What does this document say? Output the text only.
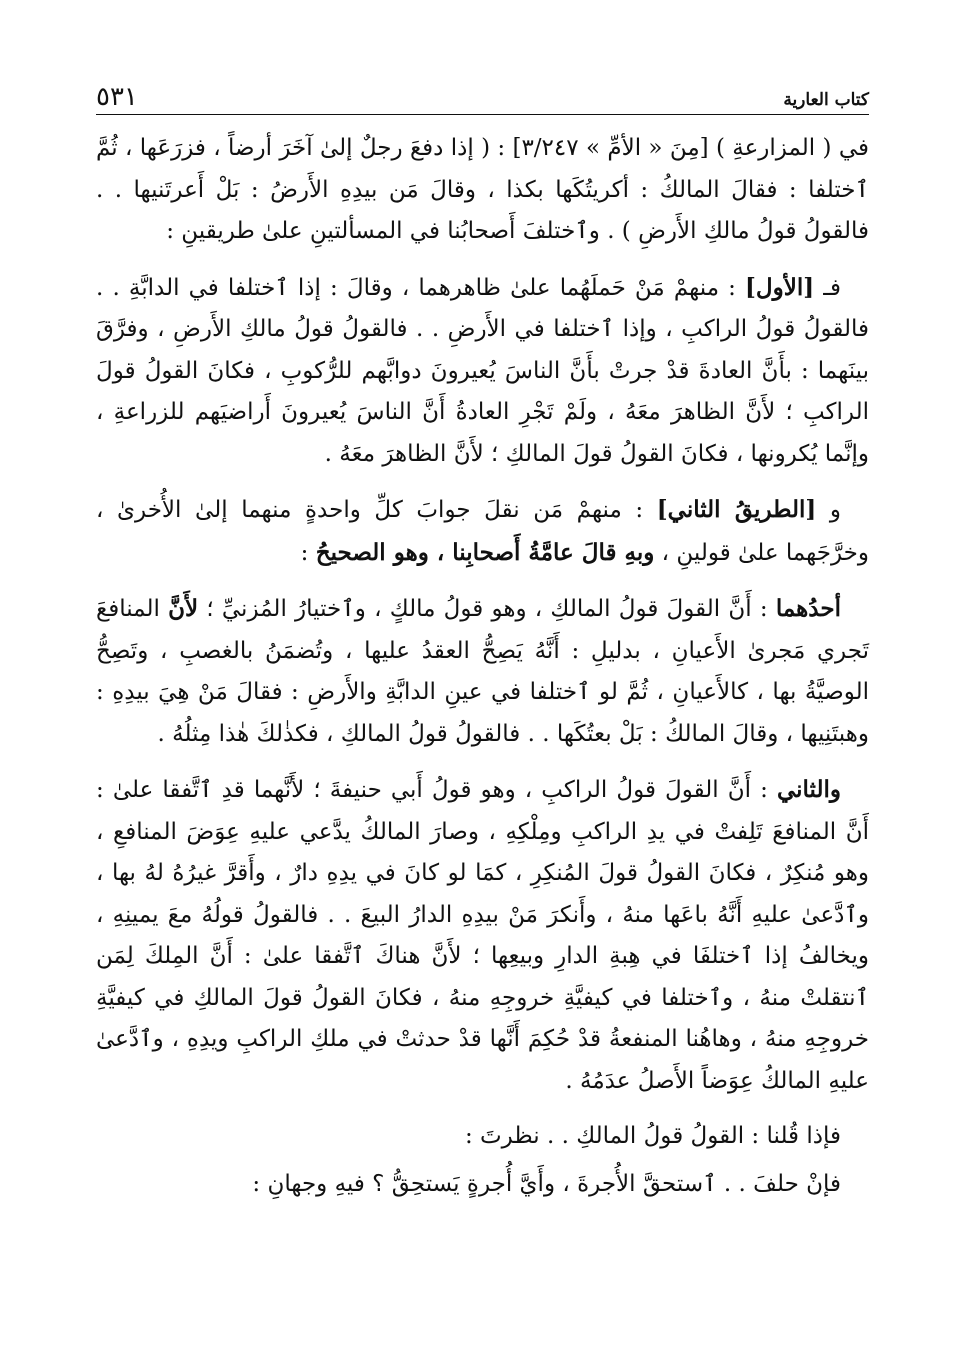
كتاب العارية
٥٣١

في ( المزارعةِ ) [مِنَ « الأمِّ » ٣/٢٤٧] : ( إذا دفعَ رجلٌ إلىٰ آخَرَ أرضاً ، فزرَعَها ، ثُمَّ ٱختلفا : فقالَ المالكُ : أكريتُكَها بكذا ، وقالَ مَن بيدِهِ الأَرضُ : بَلْ أَعرتَنيها . . فالقولُ قولُ مالكِ الأَرضِ ) . وٱختلفَ أَصحابُنا في المسألتينِ علىٰ طريقينِ :

فـ [الأول] : منهمْ مَنْ حَملَهُما علىٰ ظاهرهما ، وقالَ : إذا ٱختلفا في الدابَّةِ . . فالقولُ قولُ الراكبِ ، وإذا ٱختلفا في الأَرضِ . . فالقولُ قولُ مالكِ الأَرضِ ، وفرَّقَ بينَهما : بأَنَّ العادةَ قدْ جرتْ بأَنَّ الناسَ يُعيرونَ دوابَّهم للرُّكوبِ ، فكانَ القولُ قولَ الراكبِ ؛ لأَنَّ الظاهرَ معَهُ ، ولَمْ تَجْرِ العادةُ أَنَّ الناسَ يُعيرونَ أَراضيَهم للزراعةِ ، وإنَّما يُكرونها ، فكانَ القولُ قولَ المالكِ ؛ لأَنَّ الظاهرَ معَهُ .

و [الطريقُ الثاني] : منهمْ مَن نقلَ جوابَ كلِّ واحدةٍ منهما إلىٰ الأُخرىٰ ، وخرَّجَهما علىٰ قولينِ ، وبهِ قالَ عامَّةُ أَصحابِنا ، وهو الصحيحُ :

أحدُهما : أَنَّ القولَ قولُ المالكِ ، وهو قولُ مالكٍ ، وٱختيارُ المُزنيِّ ؛ لأَنَّ المنافعَ تَجري مَجرىٰ الأَعيانِ ، بدليلِ : أَنَّهُ يَصِحُّ العقدُ عليها ، وتُضمَنُ بالغصبِ ، وتَصِحُّ الوصيَّةُ بها ، كالأَعيانِ ، ثُمَّ لو ٱختلفا في عينِ الدابَّةِ والأَرضِ : فقالَ مَنْ هِيَ بيدِهِ : وهبتَنِيها ، وقالَ المالكُ : بَلْ بعتُكَها . . فالقولُ قولُ المالكِ ، فكذٰلكَ هٰذا مِثلُهُ .

والثاني : أَنَّ القولَ قولُ الراكبِ ، وهو قولُ أَبي حنيفةَ ؛ لأَنَّهما قدِ ٱتَّفقا علىٰ : أَنَّ المنافعَ تَلِفتْ في يدِ الراكبِ ومِلْكِهِ ، وصارَ المالكُ يدَّعي عليهِ عِوَضَ المنافعِ ، وهو مُنكِرٌ ، فكانَ القولُ قولَ المُنكِرِ ، كمَا لو كانَ في يدِهِ دارٌ ، وأَقرَّ غيرُهُ لهُ بها ، وٱدَّعىٰ عليهِ أَنَّهُ باعَها منهُ ، وأَنكرَ مَنْ بيدِهِ الدارُ البيعَ . . فالقولُ قولُهُ معَ يمينِهِ ، ويخالفُ إذا ٱختلفَا في هِبةِ الدارِ وبيعِها ؛ لأَنَّ هناكَ ٱتَّفقا علىٰ : أَنَّ المِلكَ لِمَن ٱنتقلتْ منهُ ، وٱختلفا في كيفيَّةِ خروجِهِ منهُ ، فكانَ القولُ قولَ المالكِ في كيفيَّةِ خروجِهِ منهُ ، وهاهُنا المنفعةُ قدْ حُكِمَ أَنَّها قدْ حدثتْ في ملكِ الراكبِ ويدِهِ ، وٱدَّعىٰ عليهِ المالكُ عِوَضاً الأَصلُ عدَمُهُ .

فإذا قُلنا : القولُ قولُ المالكِ . . نظرتَ :

فإنْ حلفَ . . ٱستحقَّ الأُجرةَ ، وأَيَّ أُجرةٍ يَستحِقُّ ؟ فيهِ وجهانِ :
